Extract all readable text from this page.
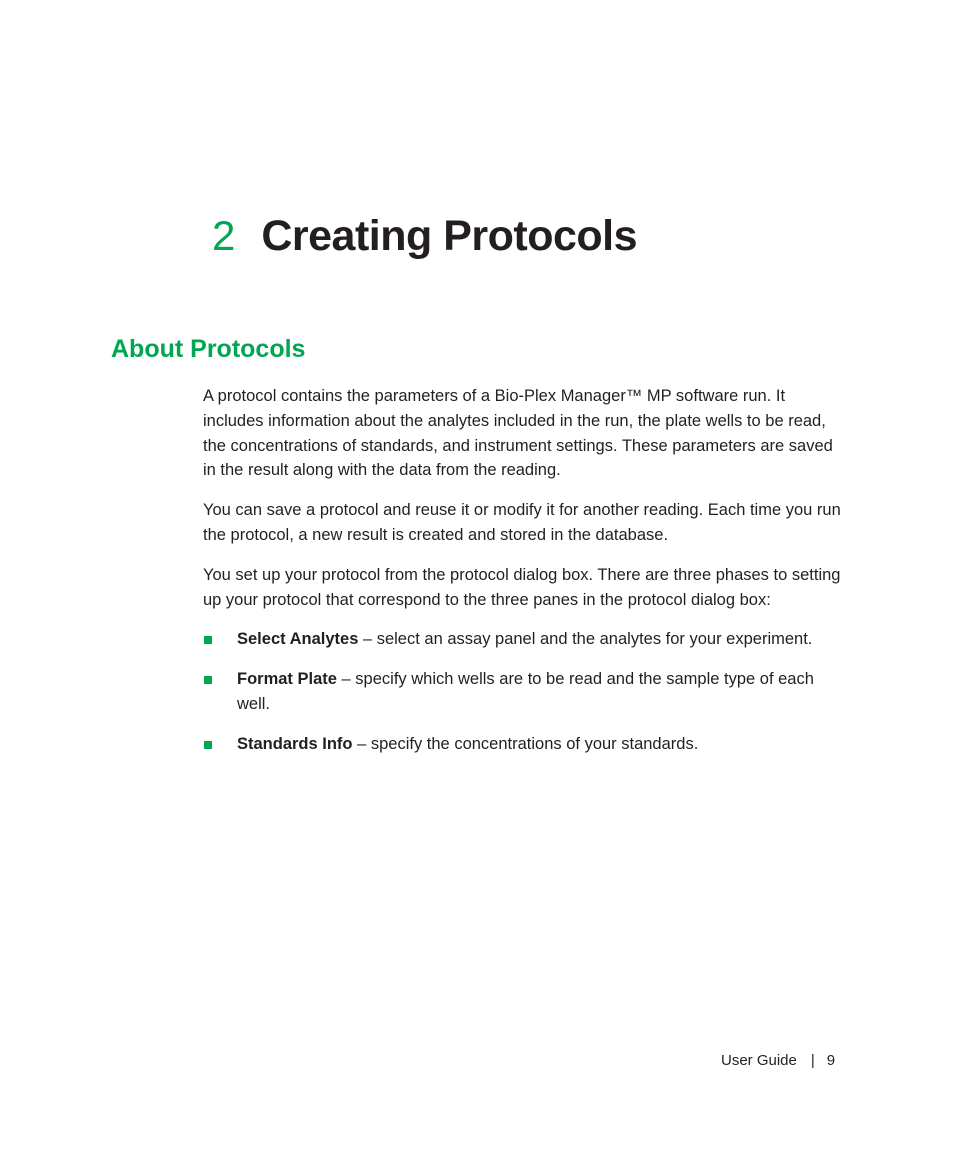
2 Creating Protocols
About Protocols

A protocol contains the parameters of a Bio-Plex Manager™ MP software run. It includes information about the analytes included in the run, the plate wells to be read, the concentrations of standards, and instrument settings. These parameters are saved in the result along with the data from the reading.

You can save a protocol and reuse it or modify it for another reading. Each time you run the protocol, a new result is created and stored in the database.

You set up your protocol from the protocol dialog box. There are three phases to setting up your protocol that correspond to the three panes in the protocol dialog box:

Select Analytes – select an assay panel and the analytes for your experiment.
Format Plate – specify which wells are to be read and the sample type of each well.
Standards Info – specify the concentrations of your standards.
User Guide | 9
